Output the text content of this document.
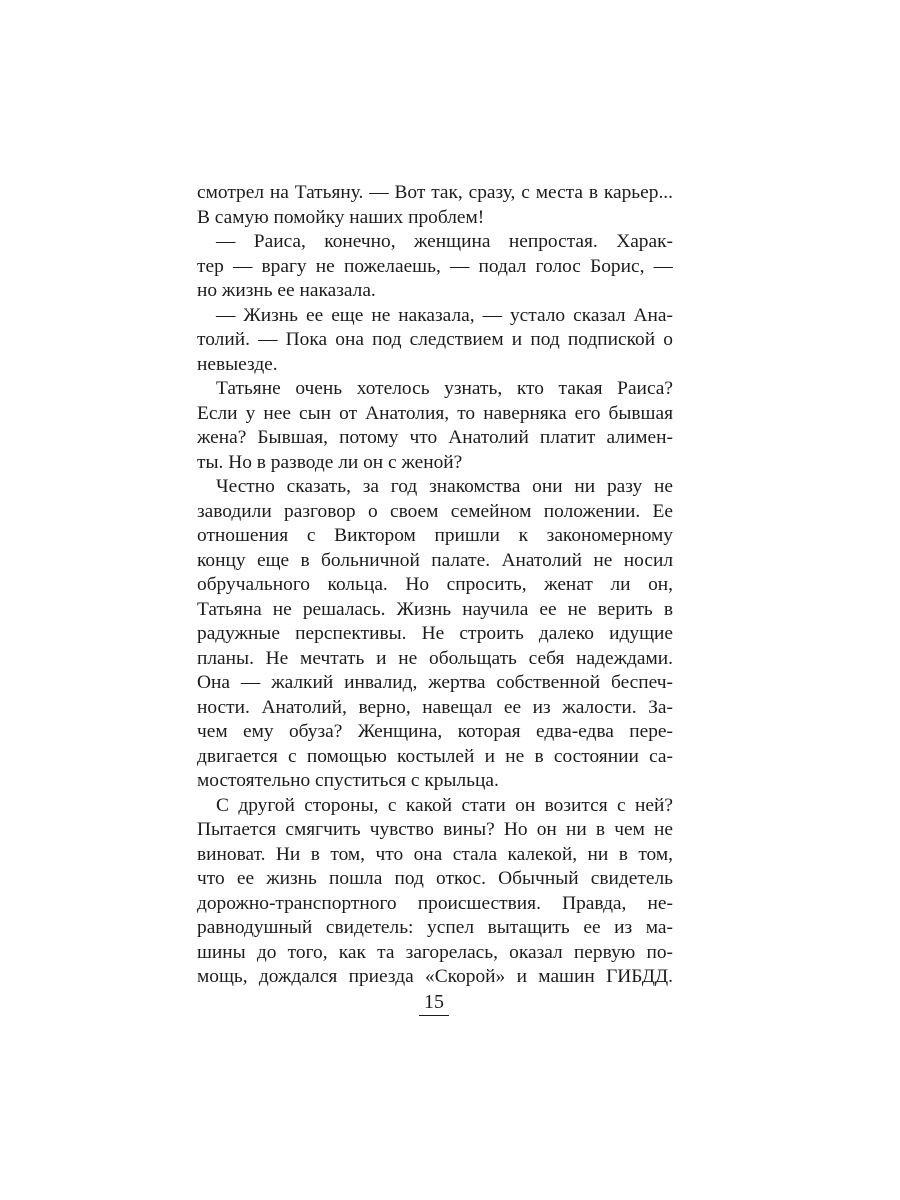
смотрел на Татьяну. — Вот так, сразу, с места в карьер...
В самую помойку наших проблем!
— Раиса, конечно, женщина непростая. Харак-
тер — врагу не пожелаешь, — подал голос Борис, —
но жизнь ее наказала.
— Жизнь ее еще не наказала, — устало сказал Ана-
толий. — Пока она под следствием и под подпиской о
невыезде.
Татьяне очень хотелось узнать, кто такая Раиса?
Если у нее сын от Анатолия, то наверняка его бывшая
жена? Бывшая, потому что Анатолий платит алимен-
ты. Но в разводе ли он с женой?
Честно сказать, за год знакомства они ни разу не
заводили разговор о своем семейном положении. Ее
отношения с Виктором пришли к закономерному
концу еще в больничной палате. Анатолий не носил
обручального кольца. Но спросить, женат ли он,
Татьяна не решалась. Жизнь научила ее не верить в
радужные перспективы. Не строить далеко идущие
планы. Не мечтать и не обольщать себя надеждами.
Она — жалкий инвалид, жертва собственной беспеч-
ности. Анатолий, верно, навещал ее из жалости. За-
чем ему обуза? Женщина, которая едва-едва пере-
двигается с помощью костылей и не в состоянии са-
мостоятельно спуститься с крыльца.
С другой стороны, с какой стати он возится с ней?
Пытается смягчить чувство вины? Но он ни в чем не
виноват. Ни в том, что она стала калекой, ни в том,
что ее жизнь пошла под откос. Обычный свидетель
дорожно-транспортного происшествия. Правда, не-
равнодушный свидетель: успел вытащить ее из ма-
шины до того, как та загорелась, оказал первую по-
мощь, дождался приезда «Скорой» и машин ГИБДД.
15
